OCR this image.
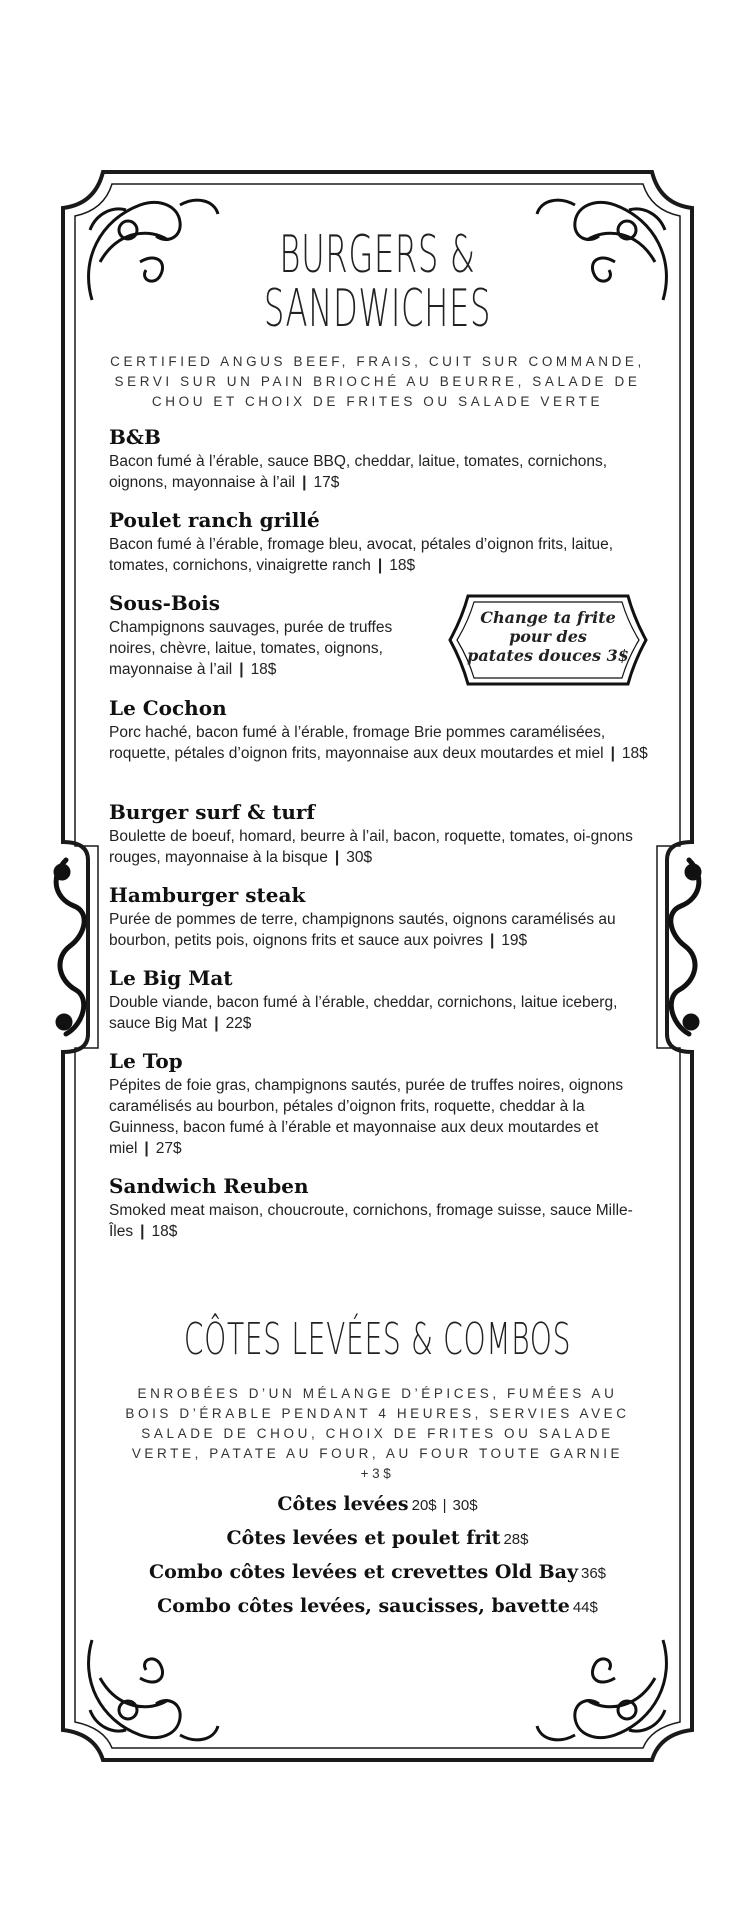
BURGERS &
SANDWICHES
CERTIFIED ANGUS BEEF, FRAIS, CUIT SUR COMMANDE, SERVI SUR UN PAIN BRIOCHÉ AU BEURRE, SALADE DE CHOU ET CHOIX DE FRITES OU SALADE VERTE
B&B
Bacon fumé à l’érable, sauce BBQ, cheddar, laitue, tomates, cornichons, oignons, mayonnaise à l’ail | 17$
Poulet ranch grillé
Bacon fumé à l’érable, fromage bleu, avocat, pétales d’oignon frits, laitue, tomates, cornichons, vinaigrette ranch | 18$
Sous-Bois
Champignons sauvages, purée de truffes noires, chèvre, laitue, tomates, oignons, mayonnaise à l’ail | 18$
Change ta frite
pour des
patates douces 3$
Le Cochon
Porc haché, bacon fumé à l’érable, fromage Brie pommes caramélisées, roquette, pétales d’oignon frits, mayonnaise aux deux moutardes et miel | 18$
Burger surf & turf
Boulette de boeuf, homard, beurre à l’ail, bacon, roquette, tomates, oi-gnons rouges, mayonnaise à la bisque | 30$
Hamburger steak
Purée de pommes de terre, champignons sautés, oignons caramélisés au bourbon, petits pois, oignons frits et sauce aux poivres | 19$
Le Big Mat
Double viande, bacon fumé à l’érable, cheddar, cornichons, laitue iceberg, sauce Big Mat | 22$
Le Top
Pépites de foie gras, champignons sautés, purée de truffes noires, oignons caramélisés au bourbon, pétales d’oignon frits, roquette, cheddar à la Guinness, bacon fumé à l’érable et mayonnaise aux deux moutardes et miel | 27$
Sandwich Reuben
Smoked meat maison, choucroute, cornichons, fromage suisse, sauce Mille-Îles | 18$
CÔTES LEVÉES & COMBOS
ENROBÉES D’UN MÉLANGE D’ÉPICES, FUMÉES AU BOIS D’ÉRABLE PENDANT 4 HEURES, SERVIES AVEC SALADE DE CHOU, CHOIX DE FRITES OU SALADE VERTE, PATATE AU FOUR, AU FOUR TOUTE GARNIE +3$
Côtes levées 20$ | 30$
Côtes levées et poulet frit 28$
Combo côtes levées et crevettes Old Bay 36$
Combo côtes levées, saucisses, bavette 44$
